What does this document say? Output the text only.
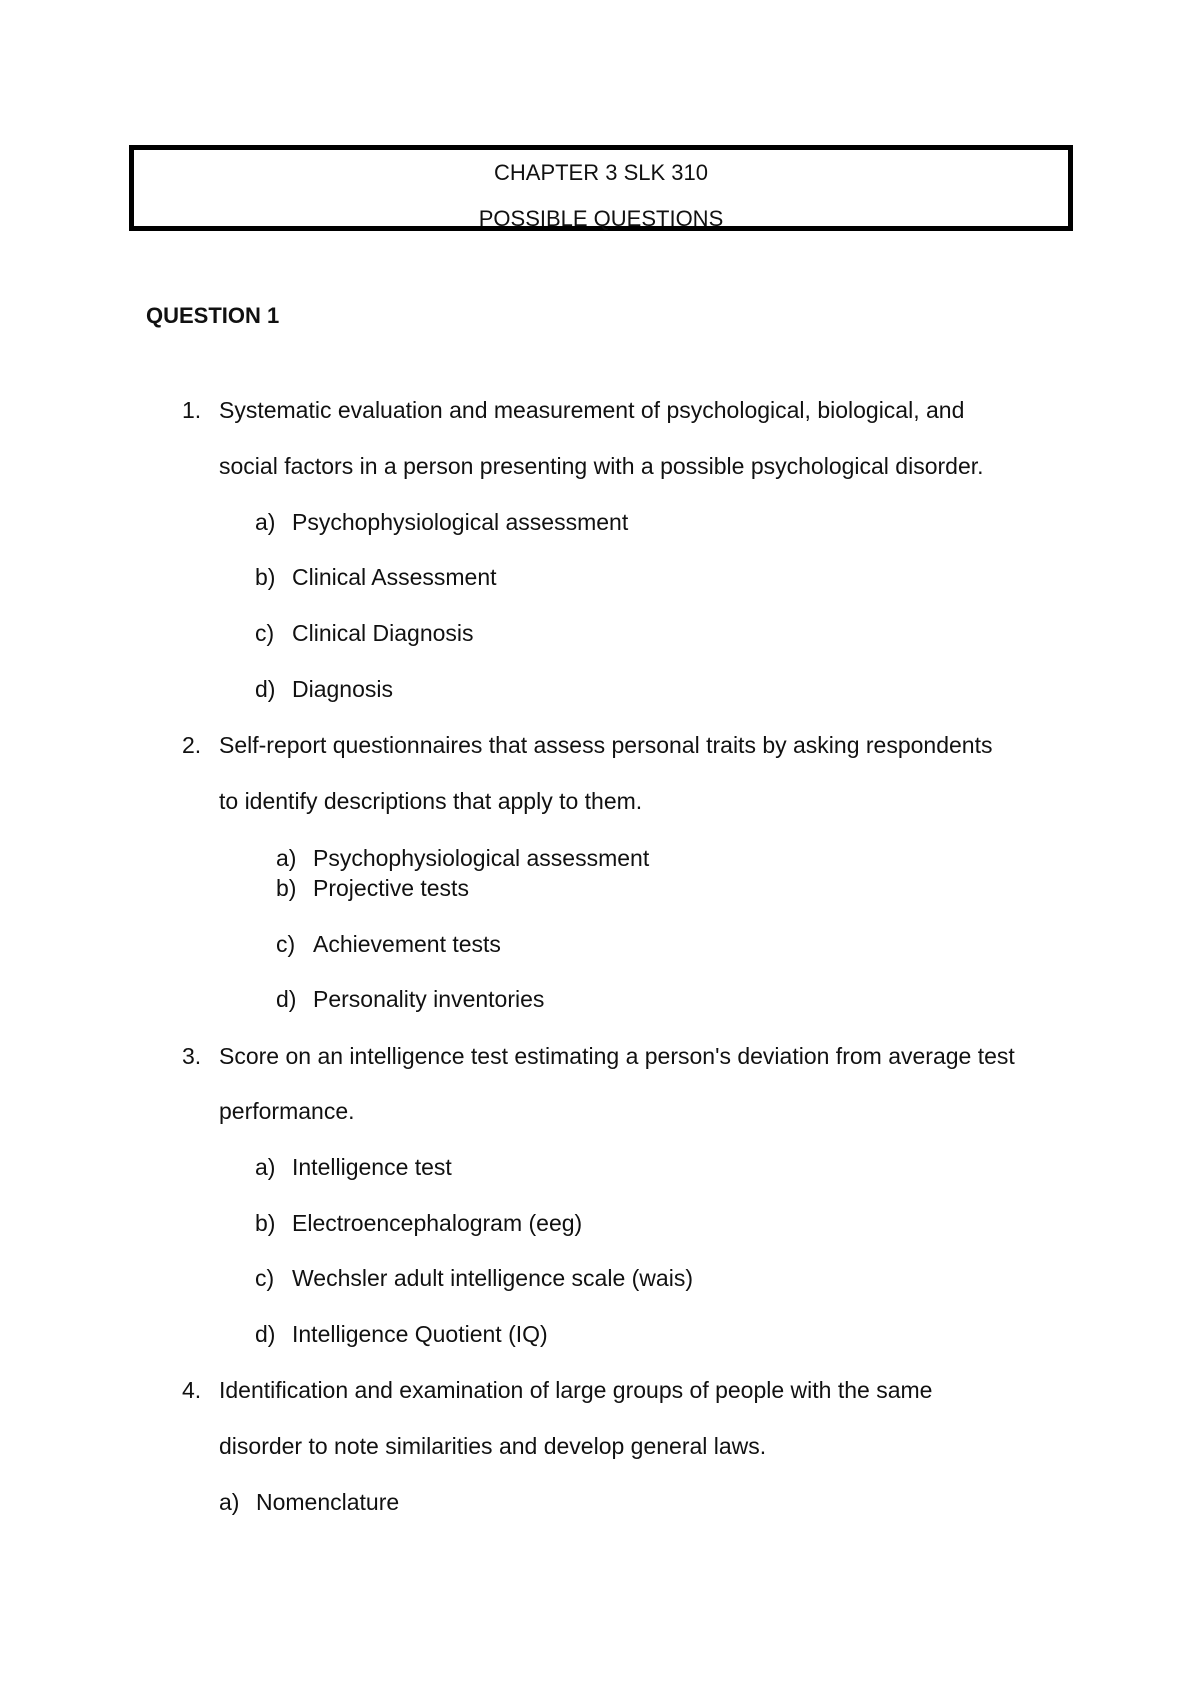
CHAPTER 3 SLK 310
POSSIBLE QUESTIONS
QUESTION 1
1. Systematic evaluation and measurement of psychological, biological, and
social factors in a person presenting with a possible psychological disorder.
a) Psychophysiological assessment
b) Clinical Assessment
c) Clinical Diagnosis
d) Diagnosis
2. Self-report questionnaires that assess personal traits by asking respondents
to identify descriptions that apply to them.
a) Psychophysiological assessment
b) Projective tests
c) Achievement tests
d) Personality inventories
3. Score on an intelligence test estimating a person's deviation from average test
performance.
a) Intelligence test
b) Electroencephalogram (eeg)
c) Wechsler adult intelligence scale (wais)
d) Intelligence Quotient (IQ)
4. Identification and examination of large groups of people with the same
disorder to note similarities and develop general laws.
a) Nomenclature
